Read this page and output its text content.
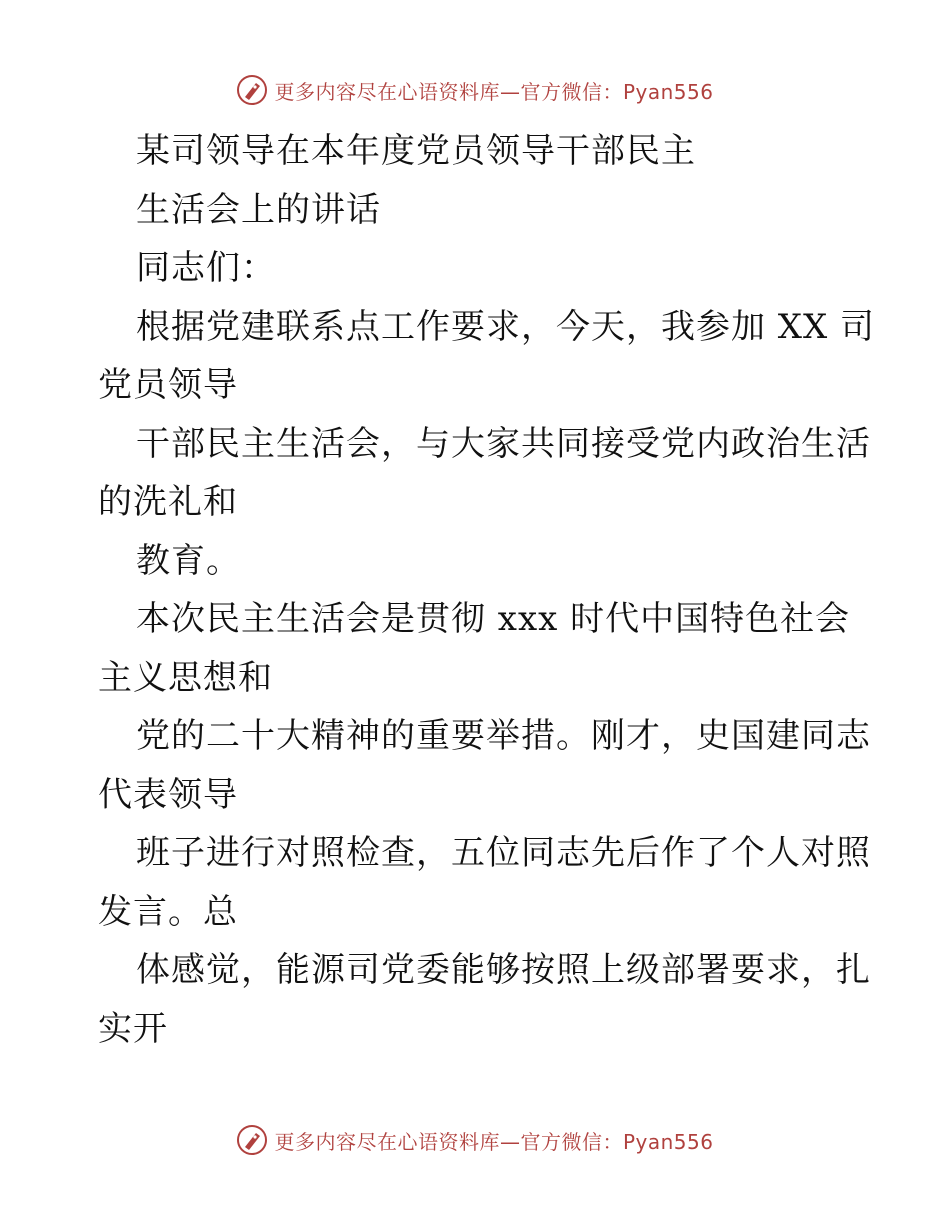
更多内容尽在心语资料库—官方微信：Pyan556
某司领导在本年度党员领导干部民主
生活会上的讲话
同志们：
根据党建联系点工作要求，今天，我参加 XX 司
党员领导
干部民主生活会，与大家共同接受党内政治生活
的洗礼和
教育。
本次民主生活会是贯彻 xxx 时代中国特色社会
主义思想和
党的二十大精神的重要举措。刚才，史国建同志
代表领导
班子进行对照检查，五位同志先后作了个人对照
发言。总
体感觉，能源司党委能够按照上级部署要求，扎
实开
更多内容尽在心语资料库—官方微信：Pyan556
